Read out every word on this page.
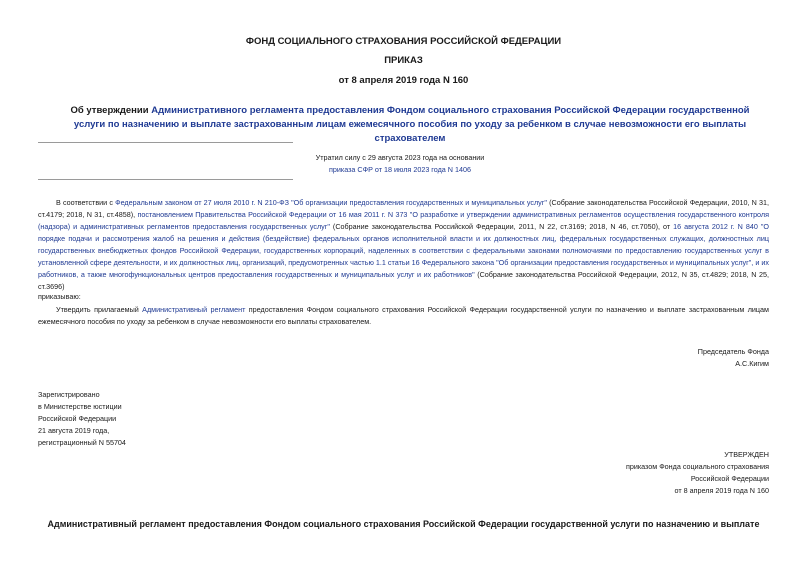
ФОНД СОЦИАЛЬНОГО СТРАХОВАНИЯ РОССИЙСКОЙ ФЕДЕРАЦИИ
ПРИКАЗ
от 8 апреля 2019 года N 160
Об утверждении Административного регламента предоставления Фондом социального страхования Российской Федерации государственной услуги по назначению и выплате застрахованным лицам ежемесячного пособия по уходу за ребенком в случае невозможности его выплаты страхователем
Утратил силу с 29 августа 2023 года на основании
приказа СФР от 18 июля 2023 года N 1406
В соответствии с Федеральным законом от 27 июля 2010 г. N 210-ФЗ "Об организации предоставления государственных и муниципальных услуг" (Собрание законодательства Российской Федерации, 2010, N 31, ст.4179; 2018, N 31, ст.4858), постановлением Правительства Российской Федерации от 16 мая 2011 г. N 373 "О разработке и утверждении административных регламентов осуществления государственного контроля (надзора) и административных регламентов предоставления государственных услуг" (Собрание законодательства Российской Федерации, 2011, N 22, ст.3169; 2018, N 46, ст.7050), от 16 августа 2012 г. N 840 "О порядке подачи и рассмотрения жалоб на решения и действия (бездействие) федеральных органов исполнительной власти и их должностных лиц, федеральных государственных служащих, должностных лиц государственных внебюджетных фондов Российской Федерации, государственных корпораций, наделенных в соответствии с федеральными законами полномочиями по предоставлению государственных услуг в установленной сфере деятельности, и их должностных лиц, организаций, предусмотренных частью 1.1 статьи 16 Федерального закона "Об организации предоставления государственных и муниципальных услуг", и их работников, а также многофункциональных центров предоставления государственных и муниципальных услуг и их работников" (Собрание законодательства Российской Федерации, 2012, N 35, ст.4829; 2018, N 25, ст.3696)
приказываю:
Утвердить прилагаемый Административный регламент предоставления Фондом социального страхования Российской Федерации государственной услуги по назначению и выплате застрахованным лицам ежемесячного пособия по уходу за ребенком в случае невозможности его выплаты страхователем.
Председатель Фонда
А.С.Кигим
Зарегистрировано
в Министерстве юстиции
Российской Федерации
21 августа 2019 года,
регистрационный N 55704
УТВЕРЖДЕН
приказом Фонда социального страхования
Российской Федерации
от 8 апреля 2019 года N 160
Административный регламент предоставления Фондом социального страхования Российской Федерации государственной услуги по назначению и выплате
